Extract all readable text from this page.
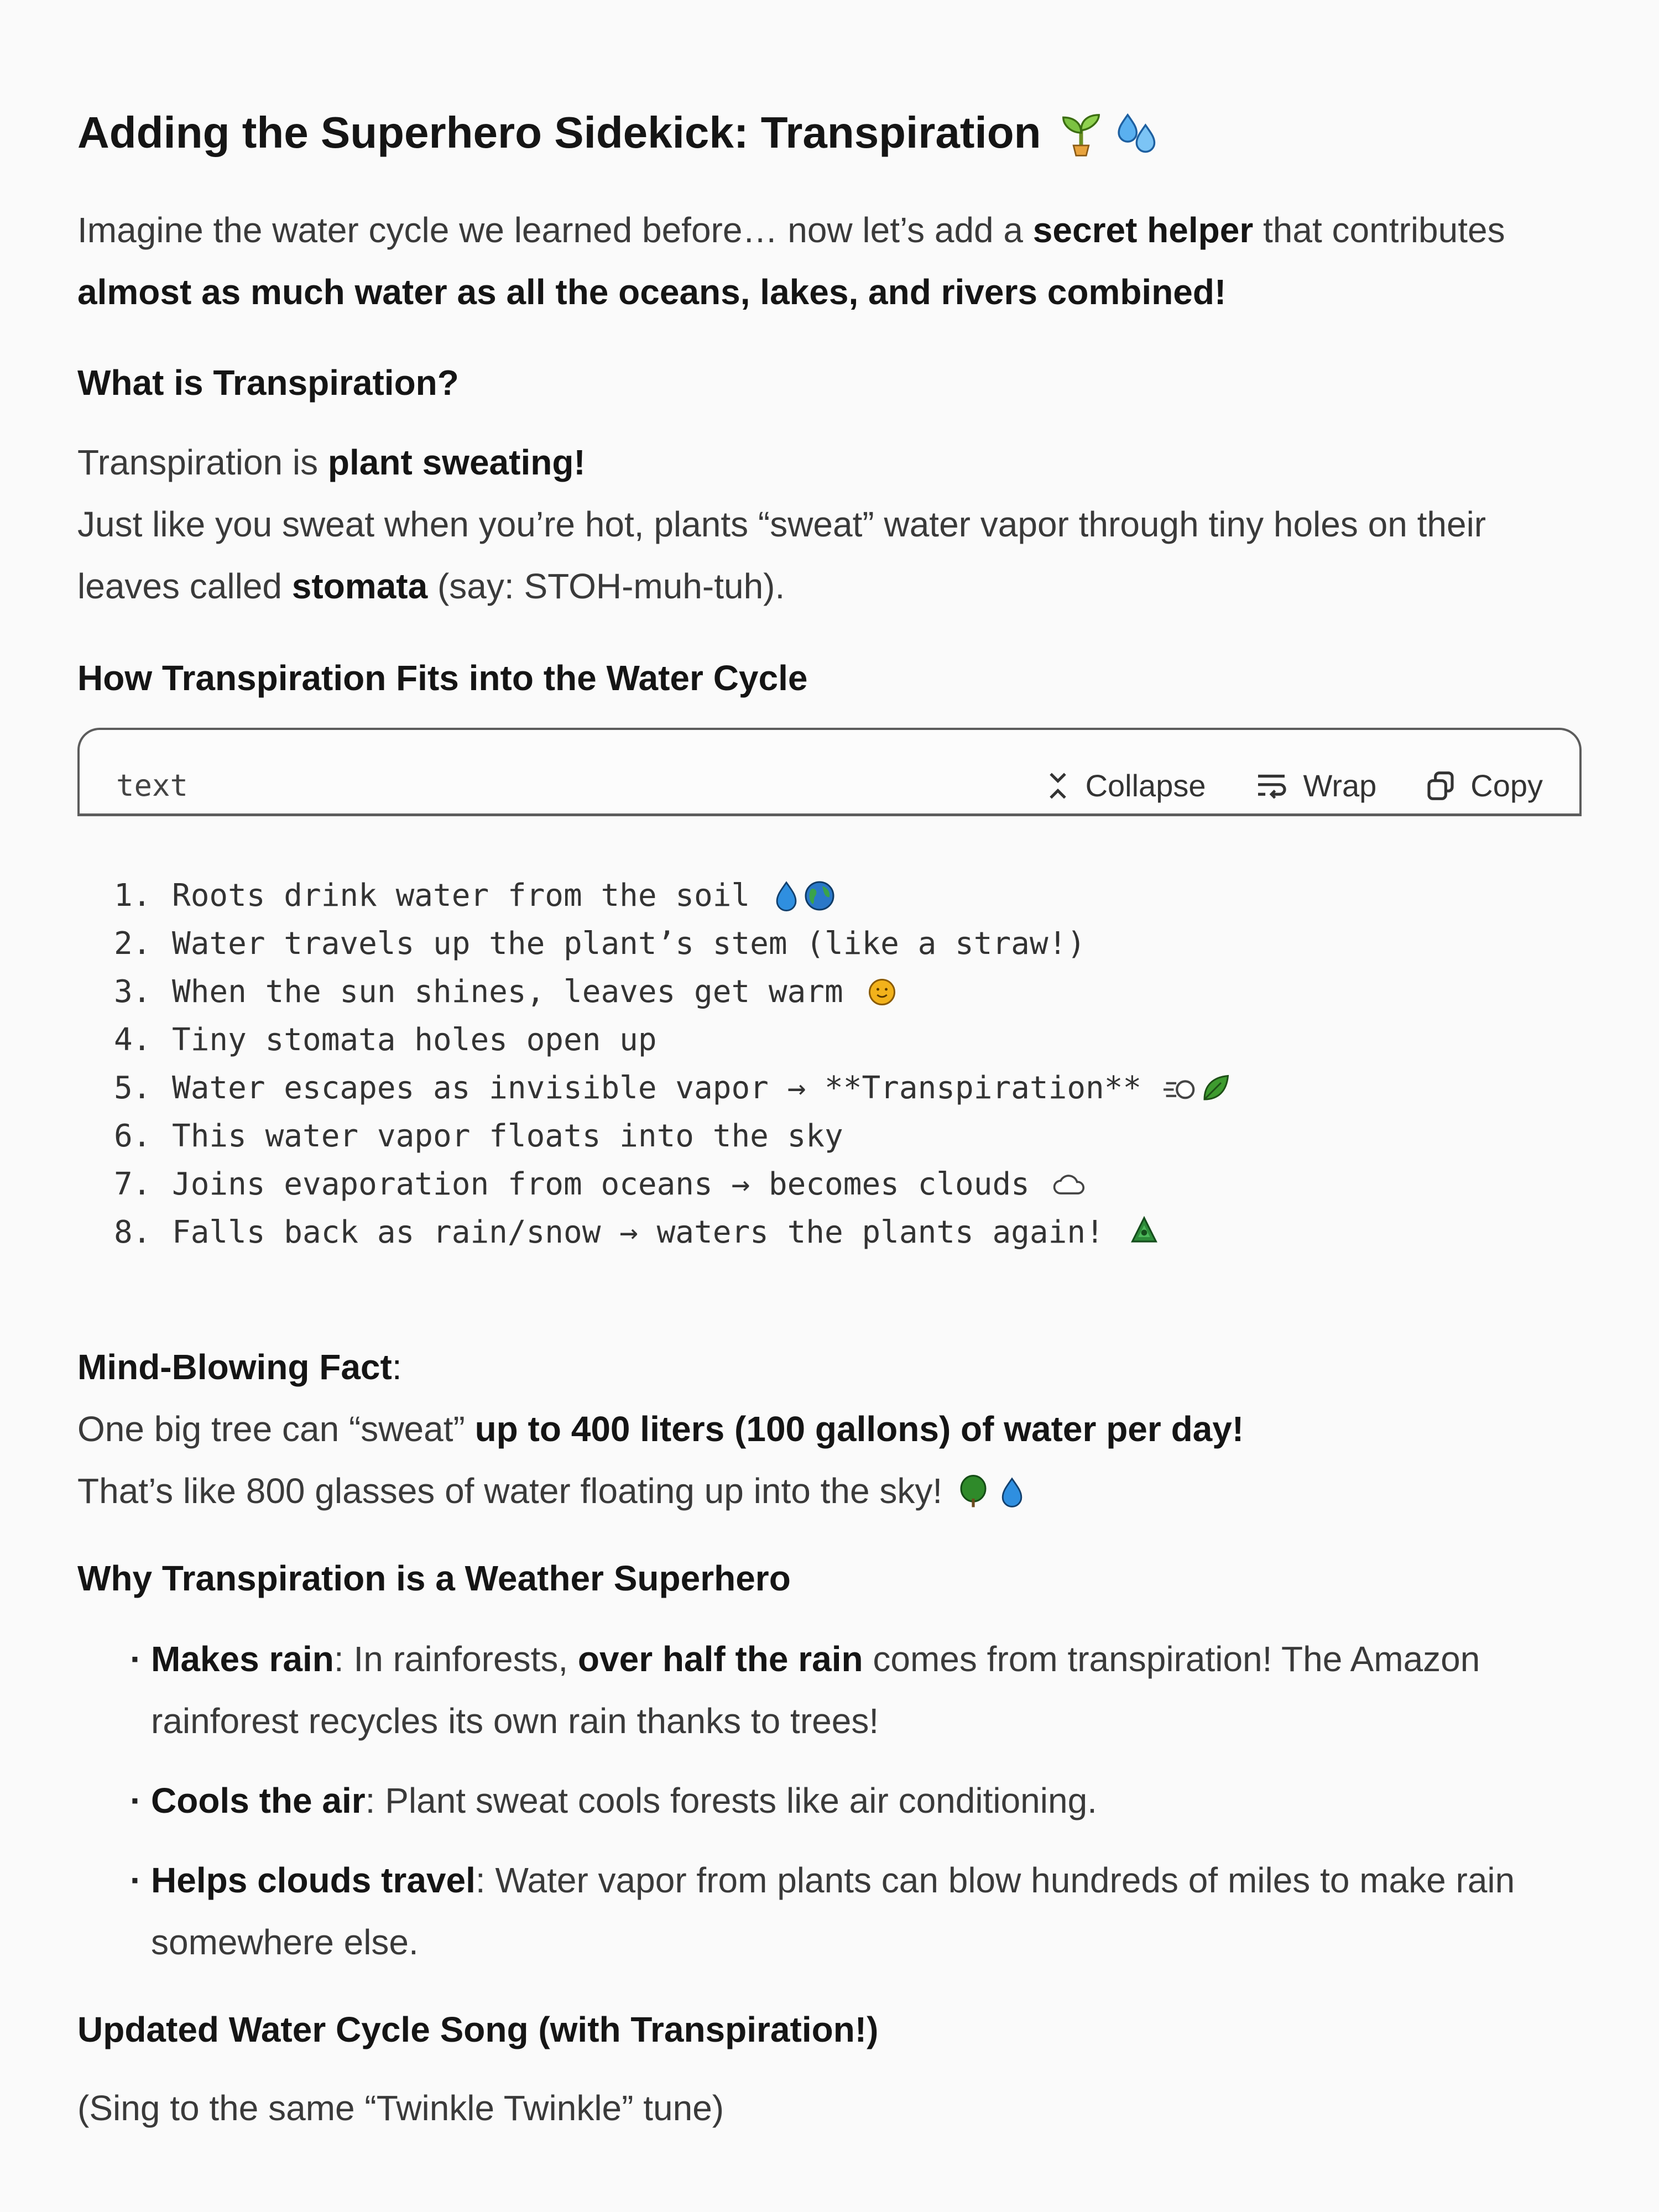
Adding the Superhero Sidekick: Transpiration

Imagine the water cycle we learned before… now let’s add a secret helper that contributes almost as much water as all the oceans, lakes, and rivers combined!

What is Transpiration?

Transpiration is plant sweating!
Just like you sweat when you’re hot, plants “sweat” water vapor through tiny holes on their leaves called stomata (say: STOH-muh-tuh).

How Transpiration Fits into the Water Cycle
text	Collapse	Wrap	Copy
1. Roots drink water from the soil
2. Water travels up the plant’s stem (like a straw!)
3. When the sun shines, leaves get warm
4. Tiny stomata holes open up
5. Water escapes as invisible vapor → **Transpiration**
6. This water vapor floats into the sky
7. Joins evaporation from oceans → becomes clouds
8. Falls back as rain/snow → waters the plants again!
Mind-Blowing Fact:

One big tree can “sweat” up to 400 liters (100 gallons) of water per day!
That’s like 800 glasses of water floating up into the sky!

Why Transpiration is a Weather Superhero
· Makes rain: In rainforests, over half the rain comes from transpiration! The Amazon rainforest recycles its own rain thanks to trees!
· Cools the air: Plant sweat cools forests like air conditioning.
· Helps clouds travel: Water vapor from plants can blow hundreds of miles to make rain somewhere else.
Updated Water Cycle Song (with Transpiration!)

(Sing to the same “Twinkle Twinkle” tune)
